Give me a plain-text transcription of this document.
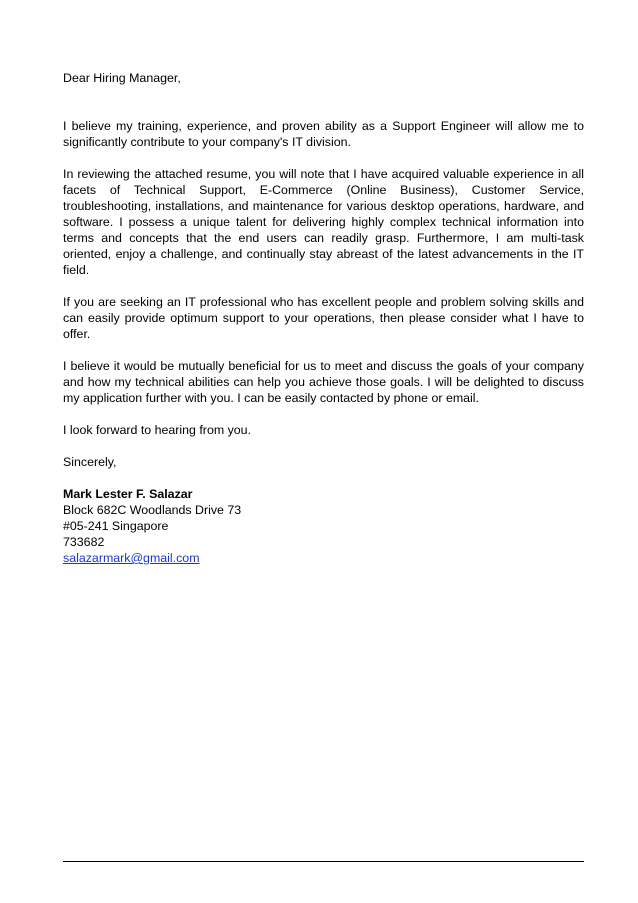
Dear Hiring Manager,

I believe my training, experience, and proven ability as a Support Engineer will allow me to significantly contribute to your company's IT division.

In reviewing the attached resume, you will note that I have acquired valuable experience in all facets of Technical Support, E-Commerce (Online Business), Customer Service, troubleshooting, installations, and maintenance for various desktop operations, hardware, and software. I possess a unique talent for delivering highly complex technical information into terms and concepts that the end users can readily grasp. Furthermore, I am multi-task oriented, enjoy a challenge, and continually stay abreast of the latest advancements in the IT field.

If you are seeking an IT professional who has excellent people and problem solving skills and can easily provide optimum support to your operations, then please consider what I have to offer.

I believe it would be mutually beneficial for us to meet and discuss the goals of your company and how my technical abilities can help you achieve those goals. I will be delighted to discuss my application further with you. I can be easily contacted by phone or email.

I look forward to hearing from you.

Sincerely,

Mark Lester F. Salazar
Block 682C Woodlands Drive 73
#05-241 Singapore
733682
salazarmark@gmail.com
